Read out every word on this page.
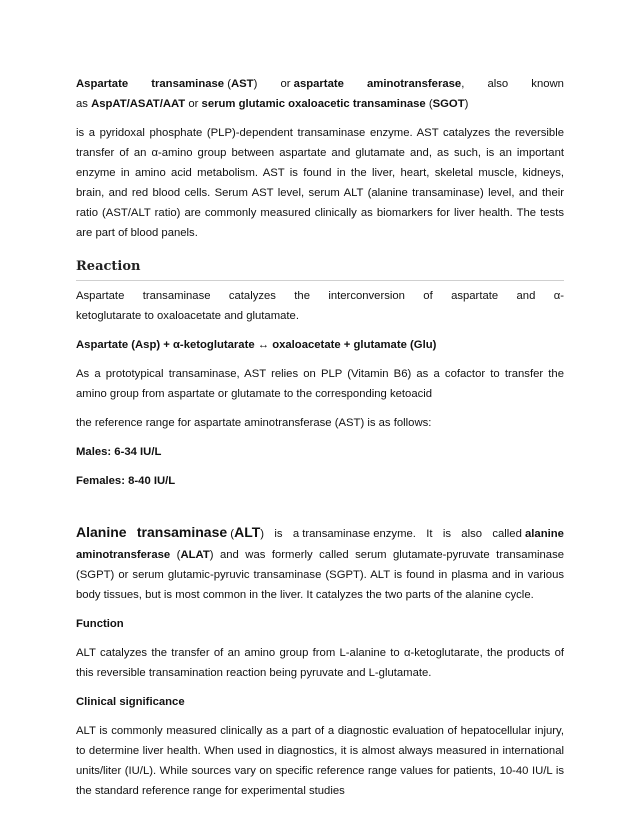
Aspartate transaminase (AST) or aspartate aminotransferase, also known

as AspAT/ASAT/AAT or serum glutamic oxaloacetic transaminase (SGOT)

is a pyridoxal phosphate (PLP)-dependent transaminase enzyme. AST catalyzes the reversible transfer of an α-amino group between aspartate and glutamate and, as such, is an important enzyme in amino acid metabolism. AST is found in the liver, heart, skeletal muscle, kidneys, brain, and red blood cells. Serum AST level, serum ALT (alanine transaminase) level, and their ratio (AST/ALT ratio) are commonly measured clinically as biomarkers for liver health. The tests are part of blood panels.

Reaction

Aspartate transaminase catalyzes the interconversion of aspartate and α-

ketoglutarate to oxaloacetate and glutamate.

Aspartate (Asp) + α-ketoglutarate ↔ oxaloacetate + glutamate (Glu)

As a prototypical transaminase, AST relies on PLP (Vitamin B6) as a cofactor to transfer the amino group from aspartate or glutamate to the corresponding ketoacid

the reference range for aspartate aminotransferase (AST) is as follows:

Males: 6-34 IU/L
Females: 8-40 IU/L
Alanine transaminase (ALT) is a transaminase enzyme. It is also called alanine

aminotransferase (ALAT) and was formerly called serum glutamate-pyruvate transaminase (SGPT) or serum glutamic-pyruvic transaminase (SGPT). ALT is found in plasma and in various body tissues, but is most common in the liver. It catalyzes the two parts of the alanine cycle.

Function

ALT catalyzes the transfer of an amino group from L-alanine to α-ketoglutarate, the products of this reversible transamination reaction being pyruvate and L-glutamate.

Clinical significance

ALT is commonly measured clinically as a part of a diagnostic evaluation of hepatocellular injury, to determine liver health. When used in diagnostics, it is almost always measured in international units/liter (IU/L). While sources vary on specific reference range values for patients, 10-40 IU/L is the standard reference range for experimental studies
